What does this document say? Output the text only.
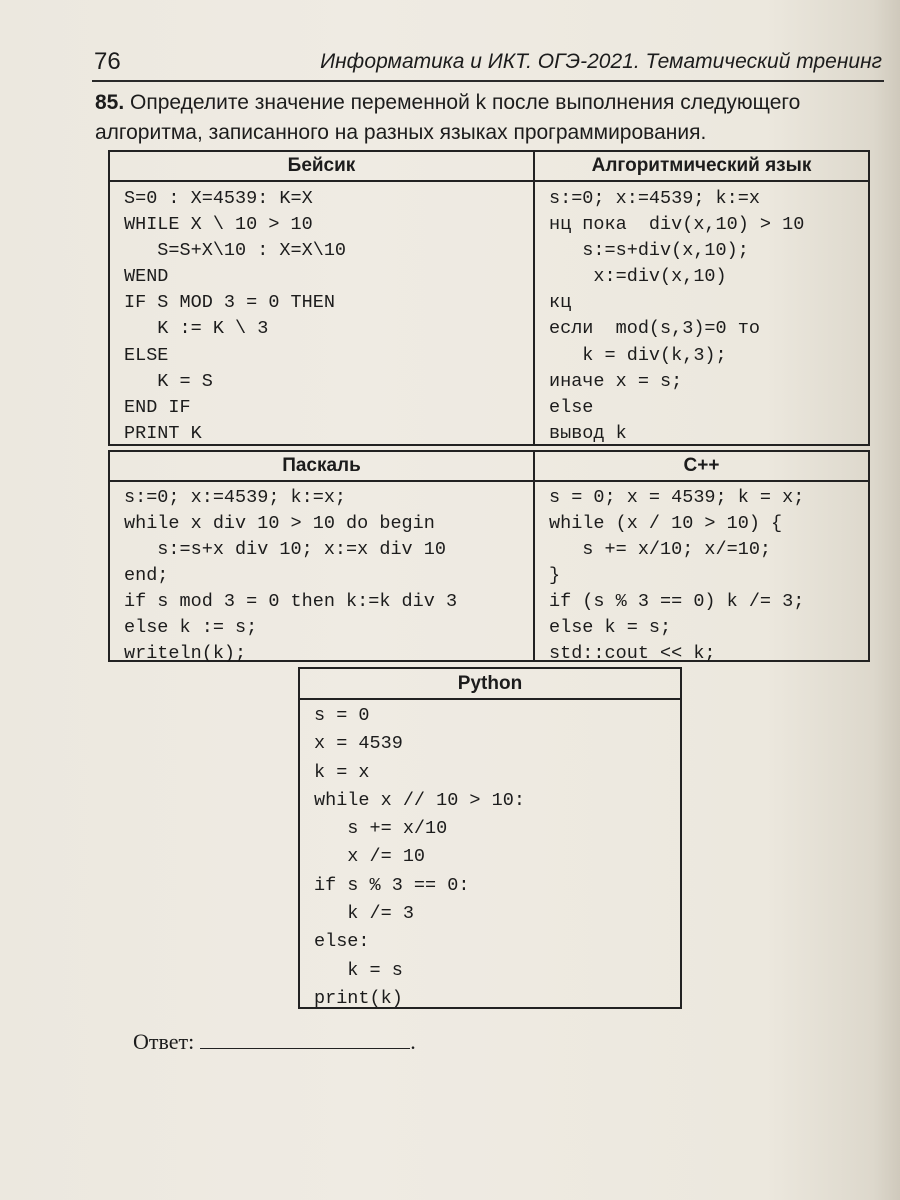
76	Информатика и ИКТ. ОГЭ-2021. Тематический тренинг
85. Определите значение переменной k после выполнения следующего
алгоритма, записанного на разных языках программирования.
Бейсик
S=0 : X=4539: K=X
WHILE X \ 10 > 10
S=S+X\10 : X=X\10
WEND
IF S MOD 3 = 0 THEN
K := K \ 3
ELSE
K = S
END IF
PRINT K
Алгоритмический язык
s:=0; x:=4539; k:=x
нц пока  div(x,10) > 10
s:=s+div(x,10);
x:=div(x,10)
кц
если  mod(s,3)=0 то
k = div(k,3);
иначе x = s;
else
вывод k
Паскаль
s:=0; x:=4539; k:=x;
while x div 10 > 10 do begin
s:=s+x div 10; x:=x div 10
end;
if s mod 3 = 0 then k:=k div 3
else k := s;
writeln(k);
C++
s = 0; x = 4539; k = x;
while (x / 10 > 10) {
s += x/10; x/=10;
}
if (s % 3 == 0) k /= 3;
else k = s;
std::cout << k;
Python
s = 0
x = 4539
k = x
while x // 10 > 10:
s += x/10
x /= 10
if s % 3 == 0:
k /= 3
else:
k = s
print(k)
Ответ:	.
